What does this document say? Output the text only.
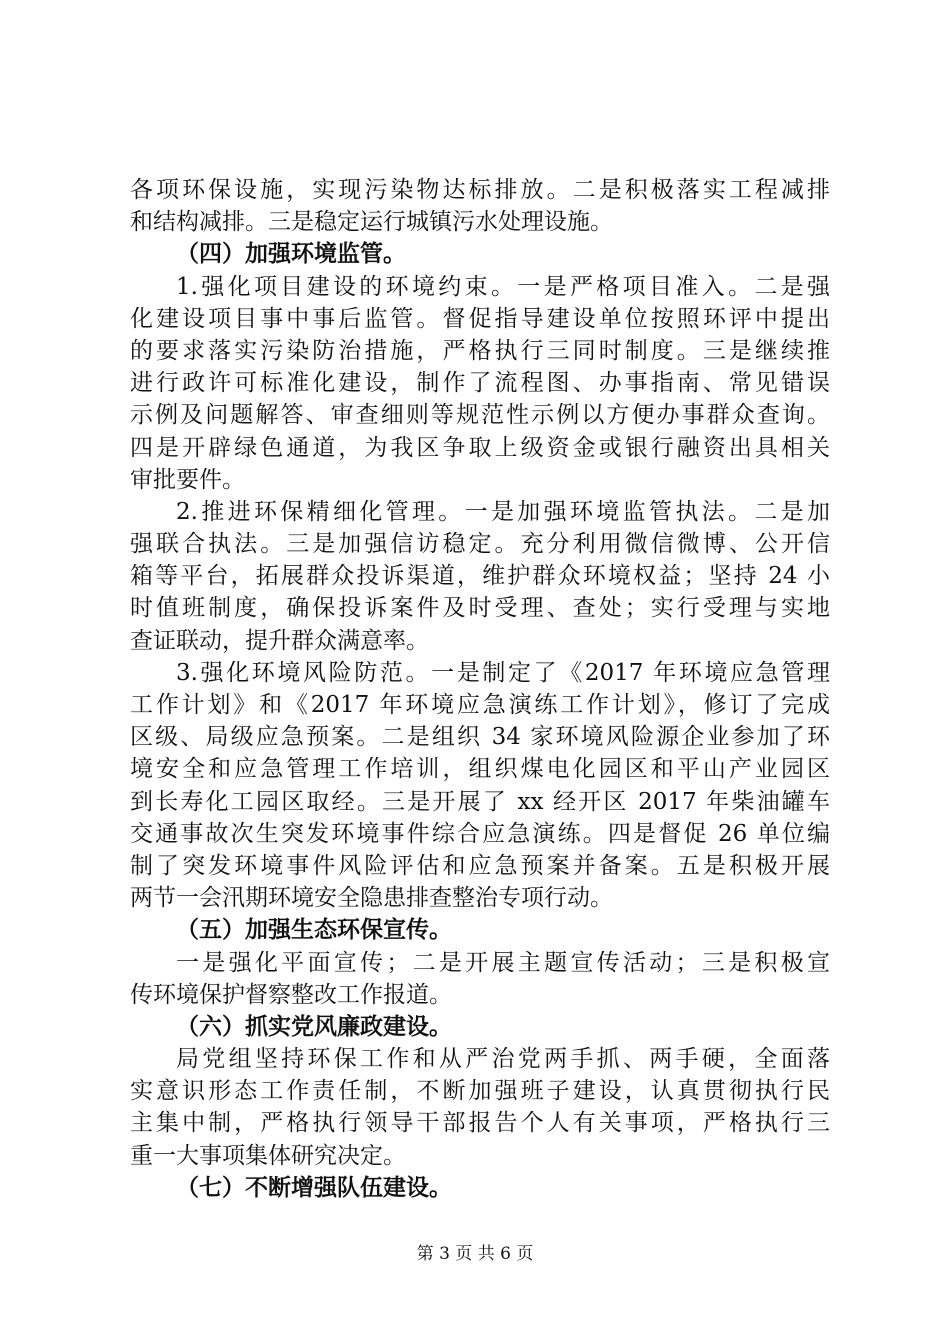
各项环保设施，实现污染物达标排放。二是积极落实工程减排
和结构减排。三是稳定运行城镇污水处理设施。
（四）加强环境监管。
1.强化项目建设的环境约束。一是严格项目准入。二是强
化建设项目事中事后监管。督促指导建设单位按照环评中提出
的要求落实污染防治措施，严格执行三同时制度。三是继续推
进行政许可标准化建设，制作了流程图、办事指南、常见错误
示例及问题解答、审查细则等规范性示例以方便办事群众查询。
四是开辟绿色通道，为我区争取上级资金或银行融资出具相关
审批要件。
2.推进环保精细化管理。一是加强环境监管执法。二是加
强联合执法。三是加强信访稳定。充分利用微信微博、公开信
箱等平台，拓展群众投诉渠道，维护群众环境权益；坚持 24 小
时值班制度，确保投诉案件及时受理、查处；实行受理与实地
查证联动，提升群众满意率。
3.强化环境风险防范。一是制定了《2017 年环境应急管理
工作计划》和《2017 年环境应急演练工作计划》，修订了完成
区级、局级应急预案。二是组织 34 家环境风险源企业参加了环
境安全和应急管理工作培训，组织煤电化园区和平山产业园区
到长寿化工园区取经。三是开展了 xx 经开区 2017 年柴油罐车
交通事故次生突发环境事件综合应急演练。四是督促 26 单位编
制了突发环境事件风险评估和应急预案并备案。五是积极开展
两节一会汛期环境安全隐患排查整治专项行动。
（五）加强生态环保宣传。
一是强化平面宣传；二是开展主题宣传活动；三是积极宣
传环境保护督察整改工作报道。
（六）抓实党风廉政建设。
局党组坚持环保工作和从严治党两手抓、两手硬，全面落
实意识形态工作责任制，不断加强班子建设，认真贯彻执行民
主集中制，严格执行领导干部报告个人有关事项，严格执行三
重一大事项集体研究决定。
（七）不断增强队伍建设。
第 3 页 共 6 页
